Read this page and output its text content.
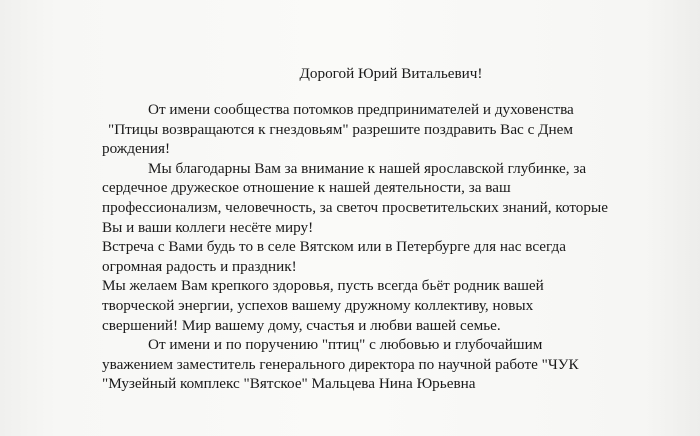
Дорогой Юрий Витальевич!
От имени сообщества потомков предпринимателей и духовенства
"Птицы возвращаются к гнездовьям" разрешите поздравить Вас с Днем
рождения!
Мы благодарны Вам за внимание к нашей ярославской глубинке, за
сердечное дружеское отношение к нашей деятельности, за ваш
профессионализм, человечность, за светоч просветительских знаний, которые
Вы и ваши коллеги несёте миру!
Встреча с Вами будь то в селе Вятском или в Петербурге для нас всегда
огромная радость и праздник!
Мы желаем Вам крепкого здоровья, пусть всегда бьёт родник вашей
творческой энергии, успехов вашему дружному коллективу, новых
свершений! Мир вашему дому, счастья и любви вашей семье.
От имени и по поручению "птиц" с любовью и глубочайшим
уважением заместитель генерального директора по научной работе "ЧУК
"Музейный комплекс "Вятское" Мальцева Нина Юрьевна
